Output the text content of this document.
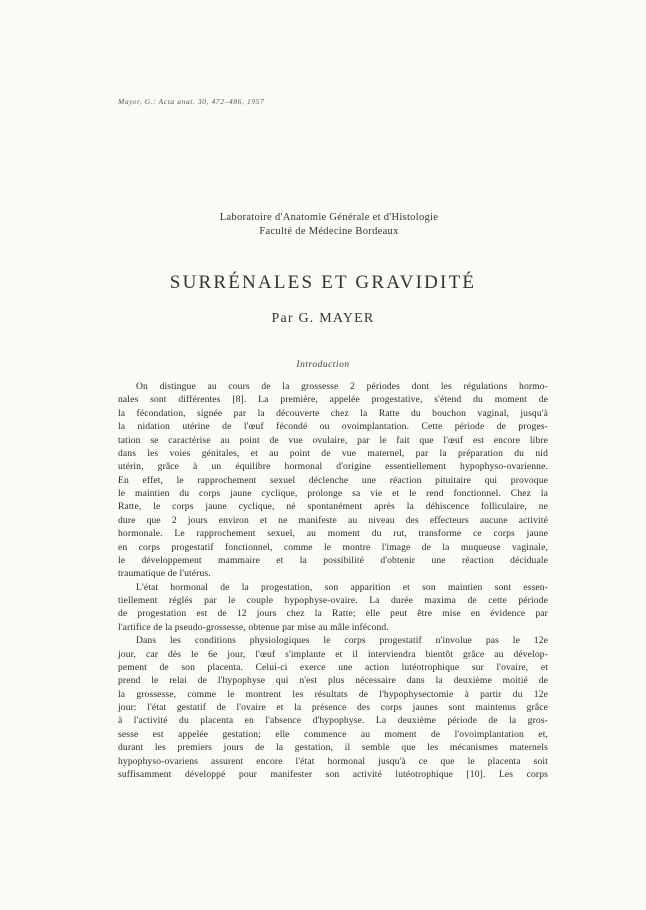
Mayer, G.: Acta anat. 30, 472–486, 1957
Laboratoire d'Anatomie Générale et d'Histologie
Faculté de Médecine Bordeaux
SURRÉNALES ET GRAVIDITÉ
Par G. MAYER
Introduction
On distingue au cours de la grossesse 2 périodes dont les régulations hormo-
nales sont différentes [8]. La première, appelée progestative, s'étend du moment de
la fécondation, signée par la découverte chez la Ratte du bouchon vaginal, jusqu'à
la nidation utérine de l'œuf fécondé ou ovoimplantation. Cette période de proges-
tation se caractérise au point de vue ovulaire, par le fait que l'œuf est encore libre
dans les voies génitales, et au point de vue maternel, par la préparation du nid
utérin, grâce à un équilibre hormonal d'origine essentiellement hypophyso-ovarienne.
En effet, le rapprochement sexuel déclenche une réaction pituitaire qui provoque
le maintien du corps jaune cyclique, prolonge sa vie et le rend fonctionnel. Chez la
Ratte, le corps jaune cyclique, né spontanément après la déhiscence folliculaire, ne
dure que 2 jours environ et ne manifeste au niveau des effecteurs aucune activité
hormonale. Le rapprochement sexuel, au moment du rut, transforme ce corps jaune
en corps progestatif fonctionnel, comme le montre l'image de la muqueuse vaginale,
le développement mammaire et la possibilité d'obtenir une réaction déciduale
traumatique de l'utérus.
L'état hormonal de la progestation, son apparition et son maintien sont essen-
tiellement réglés par le couple hypophyse-ovaire. La durée maxima de cette période
de progestation est de 12 jours chez la Ratte; elle peut être mise en évidence par
l'artifice de la pseudo-grossesse, obtenue par mise au mâle infécond.
Dans les conditions physiologiques le corps progestatif n'involue pas le 12e
jour, car dès le 6e jour, l'œuf s'implante et il interviendra bientôt grâce au dévelop-
pement de son placenta. Celui-ci exerce une action lutéotrophique sur l'ovaire, et
prend le relai de l'hypophyse qui n'est plus nécessaire dans la deuxième moitié de
la grossesse, comme le montrent les résultats de l'hypophysectomie à partir du 12e
jour: l'état gestatif de l'ovaire et la présence des corps jaunes sont maintenus grâce
à l'activité du placenta en l'absence d'hypophyse. La deuxième période de la gros-
sesse est appelée gestation; elle commence au moment de l'ovoimplantation et,
durant les premiers jours de la gestation, il semble que les mécanismes maternels
hypophyso-ovariens assurent encore l'état hormonal jusqu'à ce que le placenta soit
suffisamment développé pour manifester son activité lutéotrophique [10]. Les corps
